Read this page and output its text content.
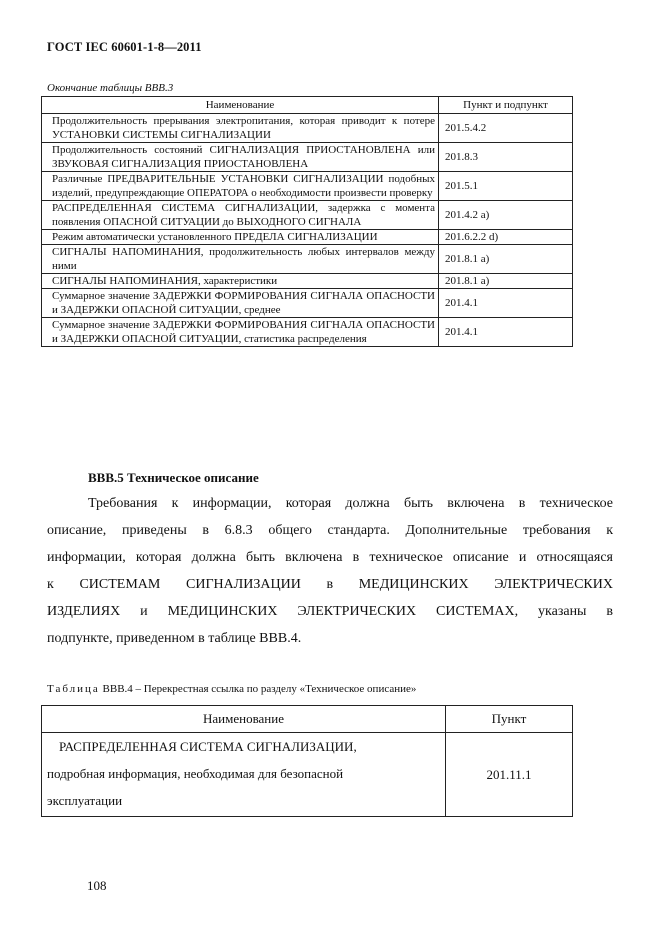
ГОСТ IEC 60601-1-8—2011
Окончание таблицы ВВВ.3
Наименование	Пункт и подпункт
Продолжительность прерывания электропитания, которая приводит к потере УСТАНОВКИ СИСТЕМЫ СИГНАЛИЗАЦИИ	201.5.4.2
Продолжительность состояний СИГНАЛИЗАЦИЯ ПРИОСТАНОВЛЕНА или ЗВУКОВАЯ СИГНАЛИЗАЦИЯ ПРИОСТАНОВЛЕНА	201.8.3
Различные ПРЕДВАРИТЕЛЬНЫЕ УСТАНОВКИ СИГНАЛИЗАЦИИ подобных изделий, предупреждающие ОПЕРАТОРА о необходимости произвести проверку	201.5.1
РАСПРЕДЕЛЕННАЯ СИСТЕМА СИГНАЛИЗАЦИИ, задержка с момента появления ОПАСНОЙ СИТУАЦИИ до ВЫХОДНОГО СИГНАЛА	201.4.2 a)
Режим автоматически установленного ПРЕДЕЛА СИГНАЛИЗАЦИИ	201.6.2.2 d)
СИГНАЛЫ НАПОМИНАНИЯ, продолжительность любых интервалов между ними	201.8.1 a)
СИГНАЛЫ НАПОМИНАНИЯ, характеристики	201.8.1 a)
Суммарное значение ЗАДЕРЖКИ ФОРМИРОВАНИЯ СИГНАЛА ОПАСНОСТИ и ЗАДЕРЖКИ ОПАСНОЙ СИТУАЦИИ, среднее	201.4.1
Суммарное значение ЗАДЕРЖКИ ФОРМИРОВАНИЯ СИГНАЛА ОПАСНОСТИ и ЗАДЕРЖКИ ОПАСНОЙ СИТУАЦИИ, статистика распределения	201.4.1
ВВВ.5 Техническое описание
Требования к информации, которая должна быть включена в техническое
описание, приведены в 6.8.3 общего стандарта. Дополнительные требования к
информации, которая должна быть включена в техническое описание и относящаяся
к СИСТЕМАМ СИГНАЛИЗАЦИИ в МЕДИЦИНСКИХ ЭЛЕКТРИЧЕСКИХ
ИЗДЕЛИЯХ и МЕДИЦИНСКИХ ЭЛЕКТРИЧЕСКИХ СИСТЕМАХ, указаны в
подпункте, приведенном в таблице ВВВ.4.
Таблица ВВВ.4 – Перекрестная ссылка по разделу «Техническое описание»
Наименование	Пункт

РАСПРЕДЕЛЕННАЯ СИСТЕМА СИГНАЛИЗАЦИИ,
подробная информация, необходимая для безопасной
эксплуатации	201.11.1
108
